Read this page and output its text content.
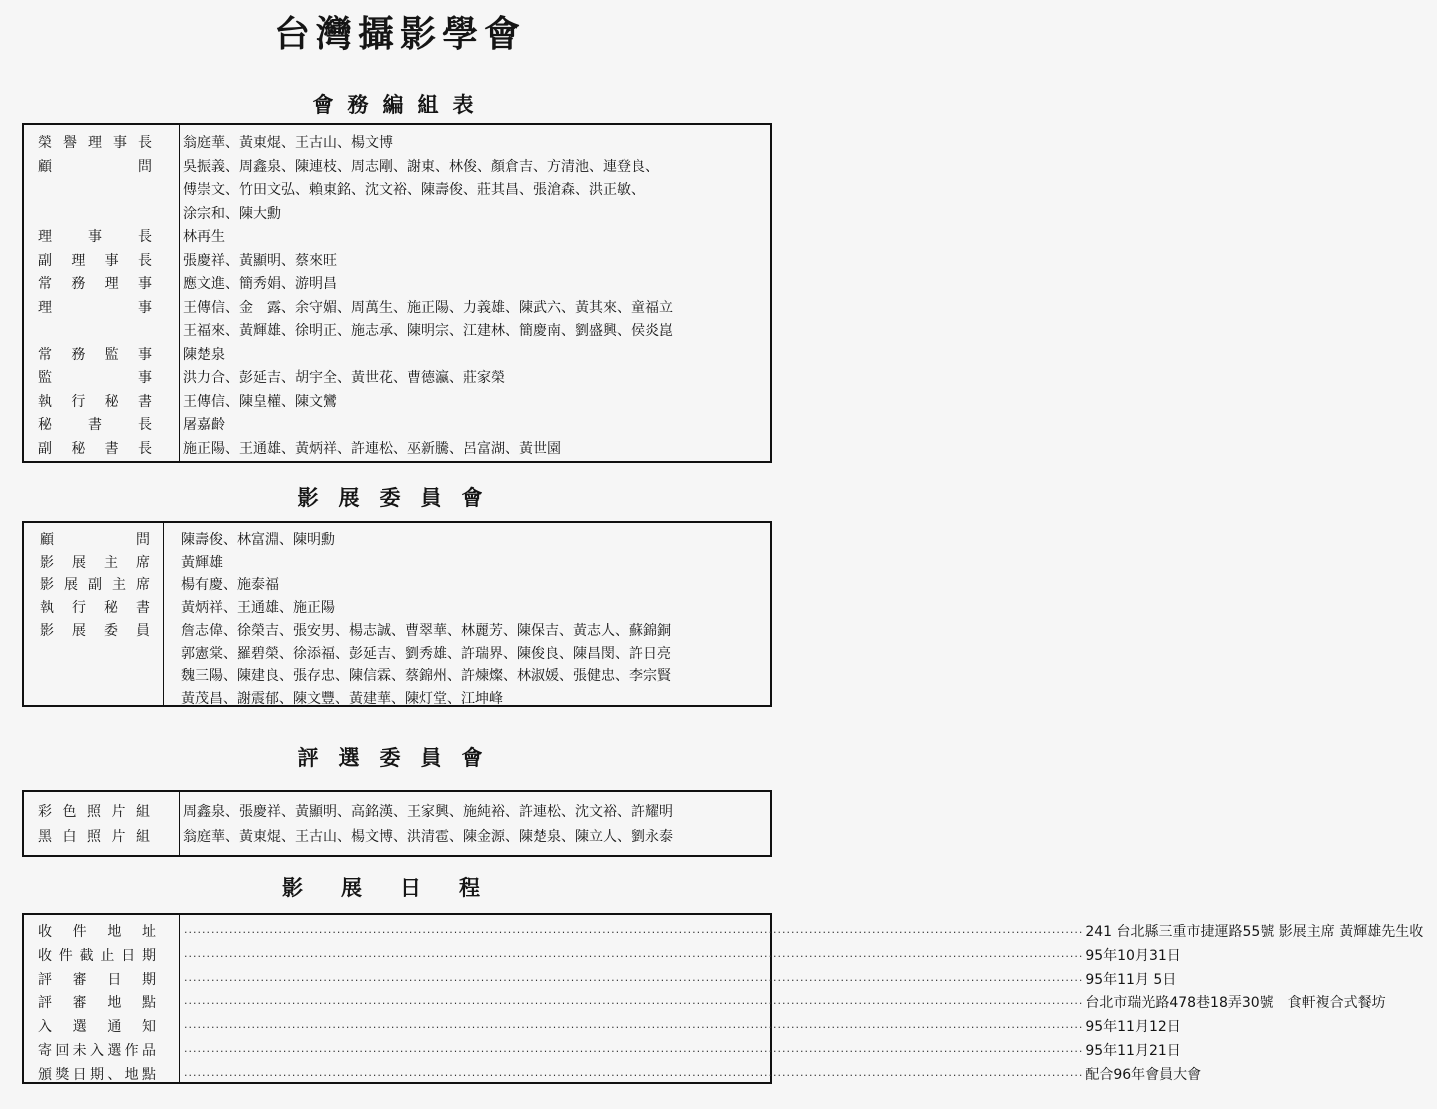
台灣攝影學會
會務編組表
榮譽理事長	翁庭華、黃東焜、王古山、楊文博
顧問	吳振義、周鑫泉、陳連枝、周志剛、謝東、林俊、顏倉吉、方清池、連登良、
傅崇文、竹田文弘、賴東銘、沈文裕、陳壽俊、莊其昌、張滄森、洪正敏、
涂宗和、陳大勳
理事長	林再生
副理事長	張慶祥、黃顯明、蔡來旺
常務理事	應文進、簡秀娟、游明昌
理事	王傳信、金　露、余守媚、周萬生、施正陽、力義雄、陳武六、黃其來、童福立
王福來、黃輝雄、徐明正、施志承、陳明宗、江建林、簡慶南、劉盛興、侯炎崑
常務監事	陳楚泉
監事	洪力合、彭延吉、胡宇全、黃世花、曹德瀛、莊家榮
執行秘書	王傳信、陳皇權、陳文鸞
秘書長	屠嘉齡
副秘書長	施正陽、王通雄、黃炳祥、許連松、巫新騰、呂富湖、黃世園
影展委員會
顧問	陳壽俊、林富淵、陳明勳
影展主席	黃輝雄
影展副主席	楊有慶、施泰福
執行秘書	黃炳祥、王通雄、施正陽
影展委員	詹志偉、徐榮吉、張安男、楊志誠、曹翠華、林麗芳、陳保吉、黃志人、蘇錦銅
郭憲棠、羅碧榮、徐添福、彭延吉、劉秀雄、許瑞界、陳俊良、陳昌閔、許日亮
魏三陽、陳建良、張存忠、陳信霖、蔡錦州、許煉燦、林淑媛、張健忠、李宗賢
黃茂昌、謝震郁、陳文豐、黃建華、陳灯堂、江坤峰
評選委員會
彩色照片組	周鑫泉、張慶祥、黃顯明、高銘漢、王家興、施純裕、許連松、沈文裕、許耀明
黑白照片組	翁庭華、黃東焜、王古山、楊文博、洪清雹、陳金源、陳楚泉、陳立人、劉永泰
影展日程
收件地址	········································································································································································································ 241 台北縣三重市捷運路55號 影展主席 黃輝雄先生收
收件截止日期	········································································································································································································ 95年10月31日
評審日期	········································································································································································································ 95年11月 5日
評審地點	········································································································································································································ 台北市瑞光路478巷18弄30號　食軒複合式餐坊
入選通知	········································································································································································································ 95年11月12日
寄回未入選作品	········································································································································································································ 95年11月21日
頒獎日期、地點	········································································································································································································ 配合96年會員大會
